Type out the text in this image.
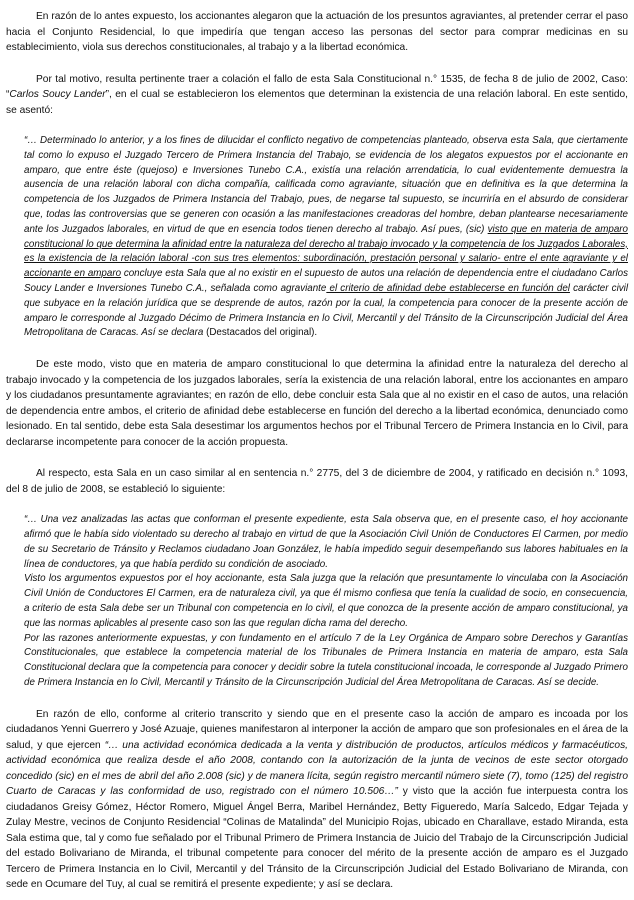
En razón de lo antes expuesto, los accionantes alegaron que la actuación de los presuntos agraviantes, al pretender cerrar el paso hacia el Conjunto Residencial, lo que impediría que tengan acceso las personas del sector para comprar medicinas en su establecimiento, viola sus derechos constitucionales, al trabajo y a la libertad económica.

Por tal motivo, resulta pertinente traer a colación el fallo de esta Sala Constitucional n.° 1535, de fecha 8 de julio de 2002, Caso: “Carlos Soucy Lander”, en el cual se establecieron los elementos que determinan la existencia de una relación laboral. En este sentido, se asentó:

“… Determinado lo anterior, y a los fines de dilucidar el conflicto negativo de competencias planteado, observa esta Sala, que ciertamente tal como lo expuso el Juzgado Tercero de Primera Instancia del Trabajo, se evidencia de los alegatos expuestos por el accionante en amparo, que entre éste (quejoso) e Inversiones Tunebo C.A., existía una relación arrendaticia, lo cual evidentemente demuestra la ausencia de una relación laboral con dicha compañía, calificada como agraviante, situación que en definitiva es la que determina la competencia de los Juzgados de Primera Instancia del Trabajo, pues, de negarse tal supuesto, se incurriría en el absurdo de considerar que, todas las controversias que se generen con ocasión a las manifestaciones creadoras del hombre, deban plantearse necesariamente ante los Juzgados laborales, en virtud de que en esencia todos tienen derecho al trabajo. Así pues, (sic) visto que en materia de amparo constitucional lo que determina la afinidad entre la naturaleza del derecho al trabajo invocado y la competencia de los Juzgados Laborales, es la existencia de la relación laboral -con sus tres elementos: subordinación, prestación personal y salario- entre el ente agraviante y el accionante en amparo concluye esta Sala que al no existir en el supuesto de autos una relación de dependencia entre el ciudadano Carlos Soucy Lander e Inversiones Tunebo C.A., señalada como agraviante el criterio de afinidad debe establecerse en función del carácter civil que subyace en la relación jurídica que se desprende de autos, razón por la cual, la competencia para conocer de la presente acción de amparo le corresponde al Juzgado Décimo de Primera Instancia en lo Civil, Mercantil y del Tránsito de la Circunscripción Judicial del Área Metropolitana de Caracas. Así se declara (Destacados del original).

De este modo, visto que en materia de amparo constitucional lo que determina la afinidad entre la naturaleza del derecho al trabajo invocado y la competencia de los juzgados laborales, sería la existencia de una relación laboral, entre los accionantes en amparo y los ciudadanos presuntamente agraviantes; en razón de ello, debe concluir esta Sala que al no existir en el caso de autos, una relación de dependencia entre ambos, el criterio de afinidad debe establecerse en función del derecho a la libertad económica, denunciado como lesionado. En tal sentido, debe esta Sala desestimar los argumentos hechos por el Tribunal Tercero de Primera Instancia en lo Civil, para declararse incompetente para conocer de la acción propuesta.

Al respecto, esta Sala en un caso similar al en sentencia n.° 2775, del 3 de diciembre de 2004, y ratificado en decisión n.° 1093, del 8 de julio de 2008, se estableció lo siguiente:

“… Una vez analizadas las actas que conforman el presente expediente, esta Sala observa que, en el presente caso, el hoy accionante afirmó que le había sido violentado su derecho al trabajo en virtud de que la Asociación Civil Unión de Conductores El Carmen, por medio de su Secretario de Tránsito y Reclamos ciudadano Joan González, le había impedido seguir desempeñando sus labores habituales en la línea de conductores, ya que había perdido su condición de asociado.
Visto los argumentos expuestos por el hoy accionante, esta Sala juzga que la relación que presuntamente lo vinculaba con la Asociación Civil Unión de Conductores El Carmen, era de naturaleza civil, ya que él mismo confiesa que tenía la cualidad de socio, en consecuencia, a criterio de esta Sala debe ser un Tribunal con competencia en lo civil, el que conozca de la presente acción de amparo constitucional, ya que las normas aplicables al presente caso son las que regulan dicha rama del derecho.
Por las razones anteriormente expuestas, y con fundamento en el artículo 7 de la Ley Orgánica de Amparo sobre Derechos y Garantías Constitucionales, que establece la competencia material de los Tribunales de Primera Instancia en materia de amparo, esta Sala Constitucional declara que la competencia para conocer y decidir sobre la tutela constitucional incoada, le corresponde al Juzgado Primero de Primera Instancia en lo Civil, Mercantil y Tránsito de la Circunscripción Judicial del Área Metropolitana de Caracas. Así se decide.

En razón de ello, conforme al criterio transcrito y siendo que en el presente caso la acción de amparo es incoada por los ciudadanos Yenni Guerrero y José Azuaje, quienes manifestaron al interponer la acción de amparo que son profesionales en el área de la salud, y que ejercen “… una actividad económica dedicada a la venta y distribución de productos, artículos médicos y farmacéuticos, actividad económica que realiza desde el año 2008, contando con la autorización de la junta de vecinos de este sector otorgado concedido (sic) en el mes de abril del año 2.008 (sic) y de manera lícita, según registro mercantil número siete (7), tomo (125) del registro Cuarto de Caracas y las conformidad de uso, registrado con el número 10.506…” y visto que la acción fue interpuesta contra los ciudadanos Greisy Gómez, Héctor Romero, Miguel Ángel Berra, Maribel Hernández, Betty Figueredo, María Salcedo, Edgar Tejada y Zulay Mestre, vecinos de Conjunto Residencial “Colinas de Matalinda” del Municipio Rojas, ubicado en Charallave, estado Miranda, esta Sala estima que, tal y como fue señalado por el Tribunal Primero de Primera Instancia de Juicio del Trabajo de la Circunscripción Judicial del estado Bolivariano de Miranda, el tribunal competente para conocer del mérito de la presente acción de amparo es el Juzgado Tercero de Primera Instancia en lo Civil, Mercantil y del Tránsito de la Circunscripción Judicial del Estado Bolivariano de Miranda, con sede en Ocumare del Tuy, al cual se remitirá el presente expediente; y así se declara.
